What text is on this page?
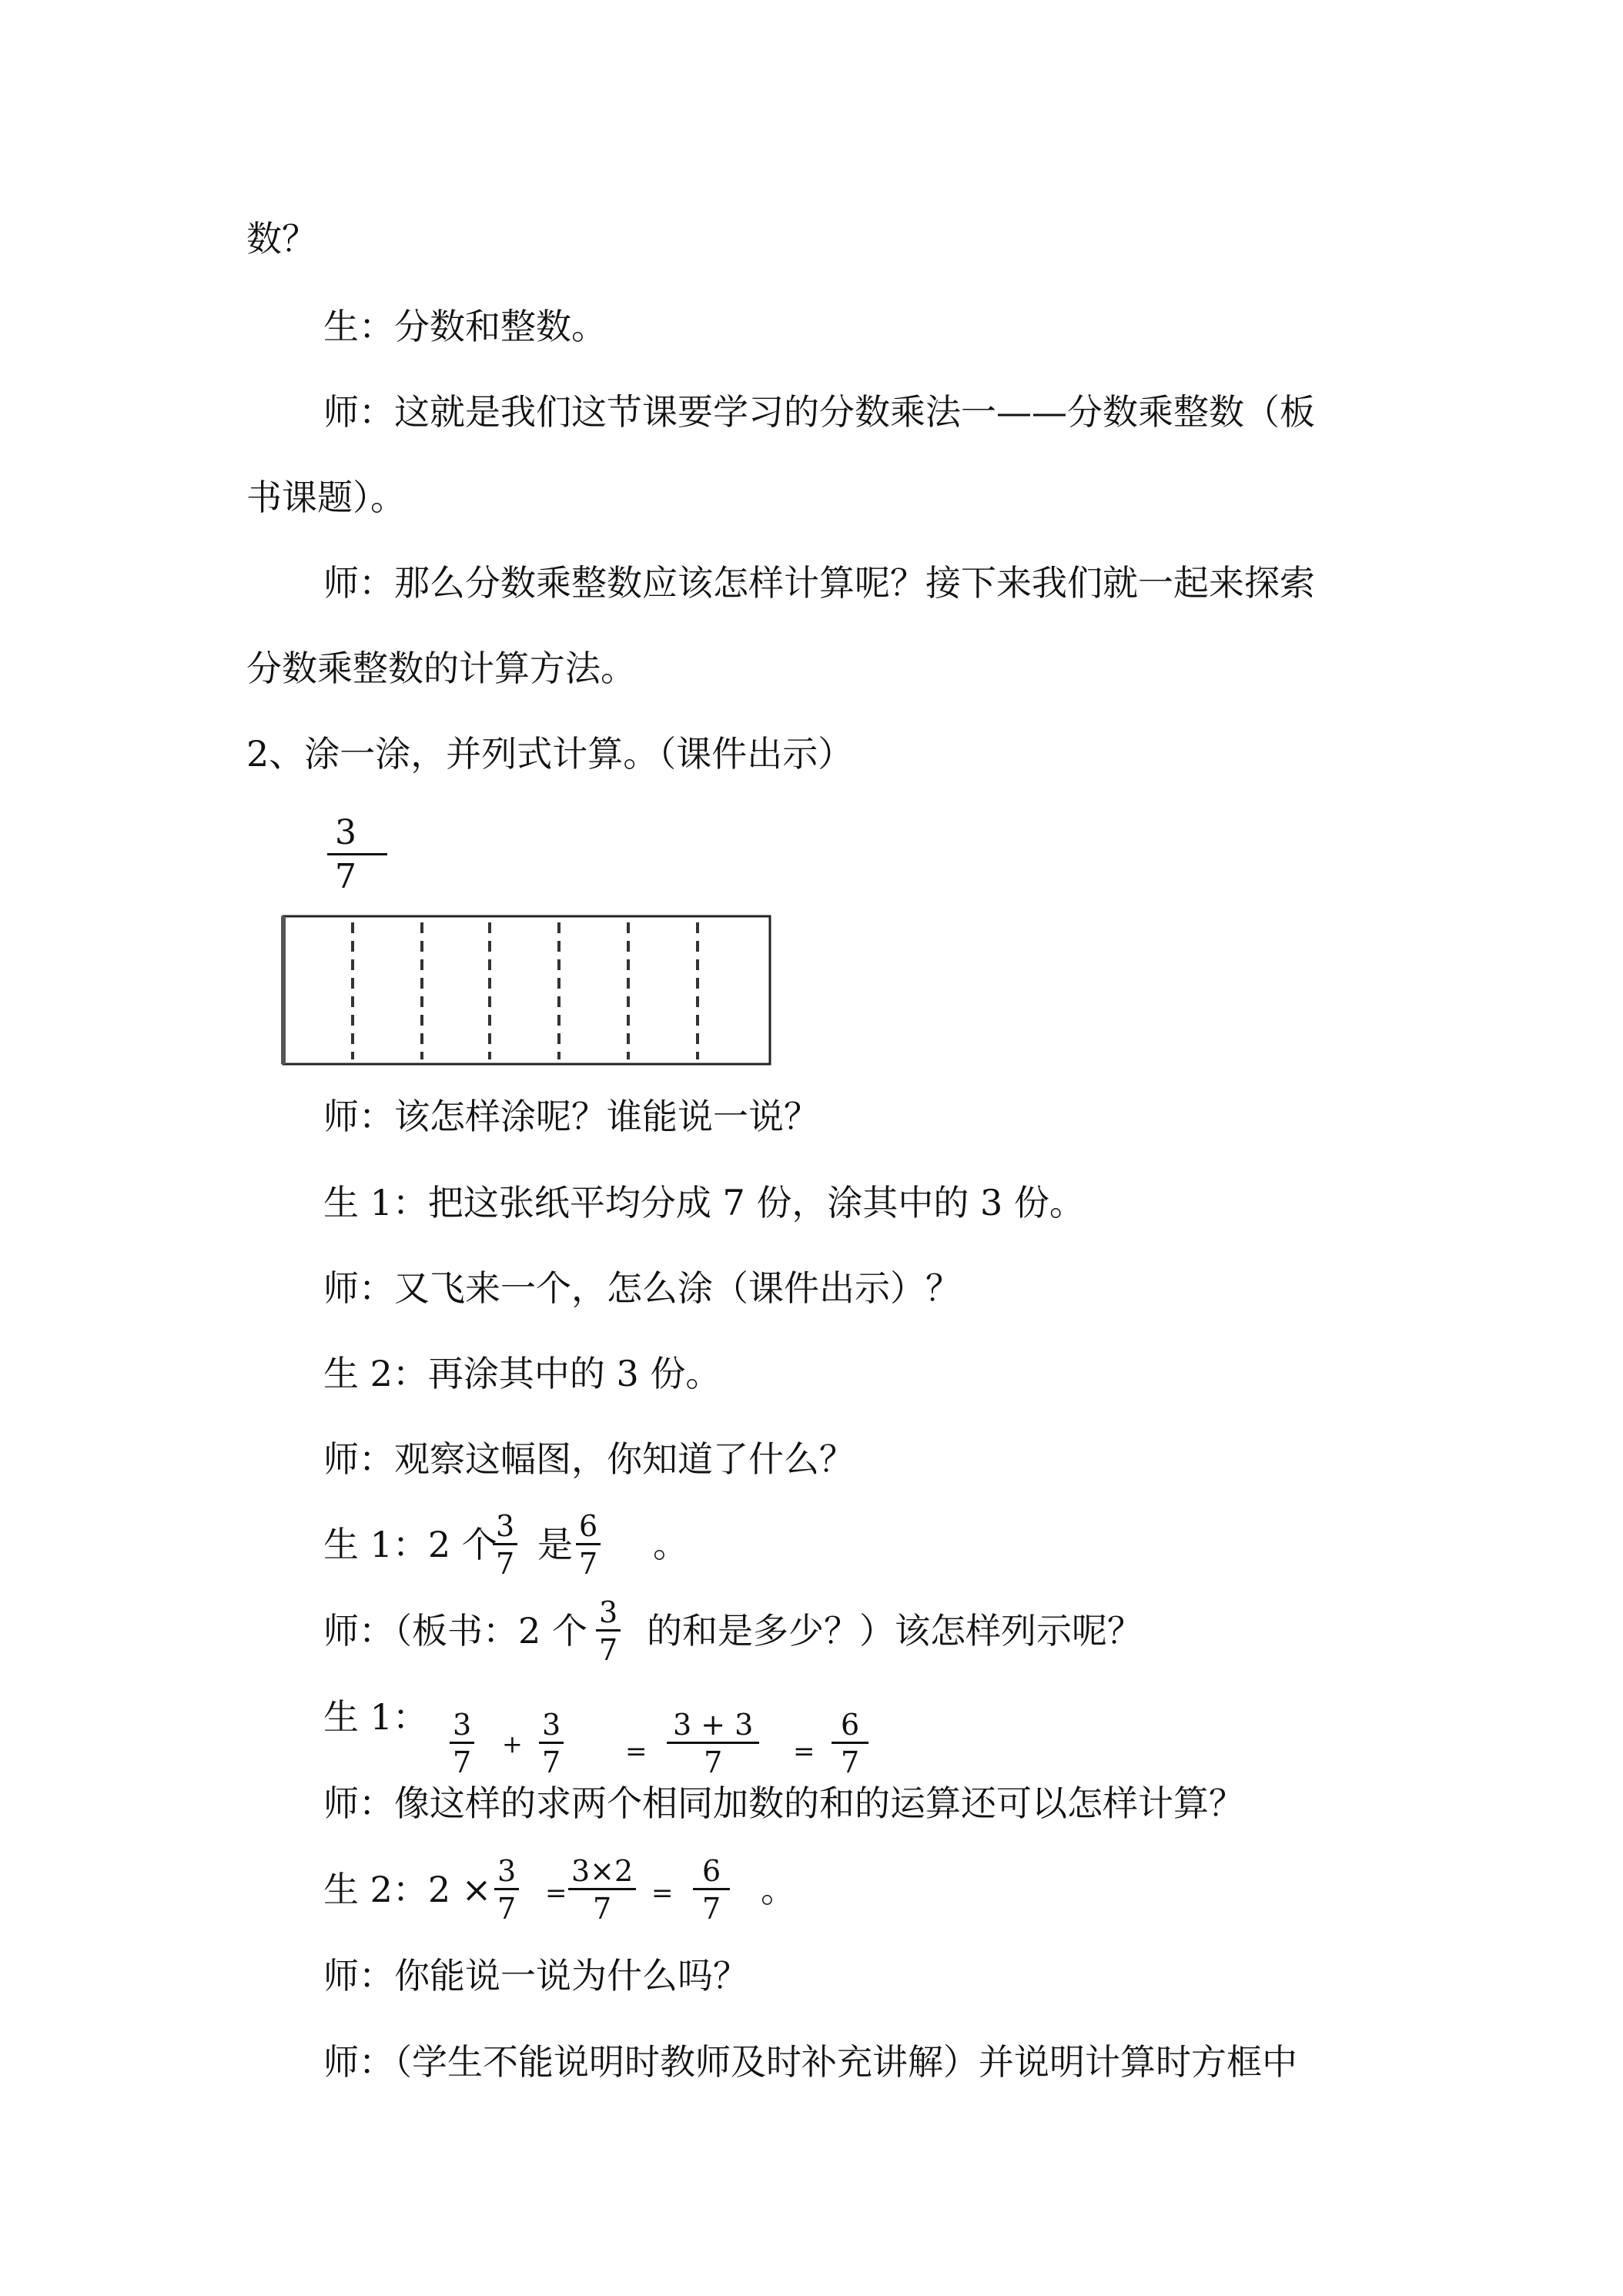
数？
生：分数和整数。
师：这就是我们这节课要学习的分数乘法一——分数乘整数（板
书课题）。
师：那么分数乘整数应该怎样计算呢？接下来我们就一起来探索
分数乘整数的计算方法。
2、涂一涂，并列式计算。（课件出示）
$\frac{3}{7}$
师：该怎样涂呢？谁能说一说？
生 1：把这张纸平均分成 7 份，涂其中的 3 份。
师：又飞来一个，怎么涂（课件出示）？
生 2：再涂其中的 3 份。
师：观察这幅图，你知道了什么？
生 1：2 个
$\frac{3}{7}$ 是 $\frac{6}{7}$ 。
师：（板书：2 个 $\frac{3}{7}$ 的和是多少？）该怎样列示呢？
生 1： $\frac{3}{7} + \frac{3}{7} = \frac{3 + 3}{7} = \frac{6}{7}$
师：像这样的求两个相同加数的和的运算还可以怎样计算？
生 2：$2 \times \frac{3}{7} = \frac{3\times 2}{7} = \frac{6}{7}$ 。
师：你能说一说为什么吗？
师：（学生不能说明时教师及时补充讲解）并说明计算时方框中
